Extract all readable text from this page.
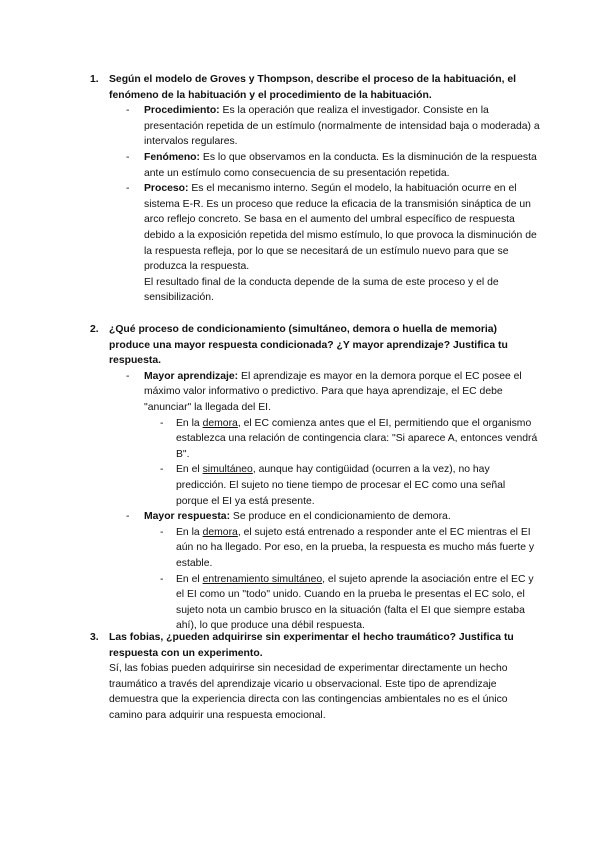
1. Según el modelo de Groves y Thompson, describe el proceso de la habituación, el fenómeno de la habituación y el procedimiento de la habituación.
- Procedimiento: Es la operación que realiza el investigador. Consiste en la presentación repetida de un estímulo (normalmente de intensidad baja o moderada) a intervalos regulares.
- Fenómeno: Es lo que observamos en la conducta. Es la disminución de la respuesta ante un estímulo como consecuencia de su presentación repetida.
- Proceso: Es el mecanismo interno. Según el modelo, la habituación ocurre en el sistema E-R. Es un proceso que reduce la eficacia de la transmisión sináptica de un arco reflejo concreto. Se basa en el aumento del umbral específico de respuesta debido a la exposición repetida del mismo estímulo, lo que provoca la disminución de la respuesta refleja, por lo que se necesitará de un estímulo nuevo para que se produzca la respuesta.
El resultado final de la conducta depende de la suma de este proceso y el de sensibilización.
2. ¿Qué proceso de condicionamiento (simultáneo, demora o huella de memoria) produce una mayor respuesta condicionada? ¿Y mayor aprendizaje? Justifica tu respuesta.
- Mayor aprendizaje: El aprendizaje es mayor en la demora porque el EC posee el máximo valor informativo o predictivo. Para que haya aprendizaje, el EC debe "anunciar" la llegada del EI.
- En la demora, el EC comienza antes que el EI, permitiendo que el organismo establezca una relación de contingencia clara: "Si aparece A, entonces vendrá B".
- En el simultáneo, aunque hay contigüidad (ocurren a la vez), no hay predicción. El sujeto no tiene tiempo de procesar el EC como una señal porque el EI ya está presente.
- Mayor respuesta: Se produce en el condicionamiento de demora.
- En la demora, el sujeto está entrenado a responder ante el EC mientras el EI aún no ha llegado. Por eso, en la prueba, la respuesta es mucho más fuerte y estable.
- En el entrenamiento simultáneo, el sujeto aprende la asociación entre el EC y el EI como un "todo" unido. Cuando en la prueba le presentas el EC solo, el sujeto nota un cambio brusco en la situación (falta el EI que siempre estaba ahí), lo que produce una débil respuesta.
3. Las fobias, ¿pueden adquirirse sin experimentar el hecho traumático? Justifica tu respuesta con un experimento.
Sí, las fobias pueden adquirirse sin necesidad de experimentar directamente un hecho traumático a través del aprendizaje vicario u observacional. Este tipo de aprendizaje demuestra que la experiencia directa con las contingencias ambientales no es el único camino para adquirir una respuesta emocional.
